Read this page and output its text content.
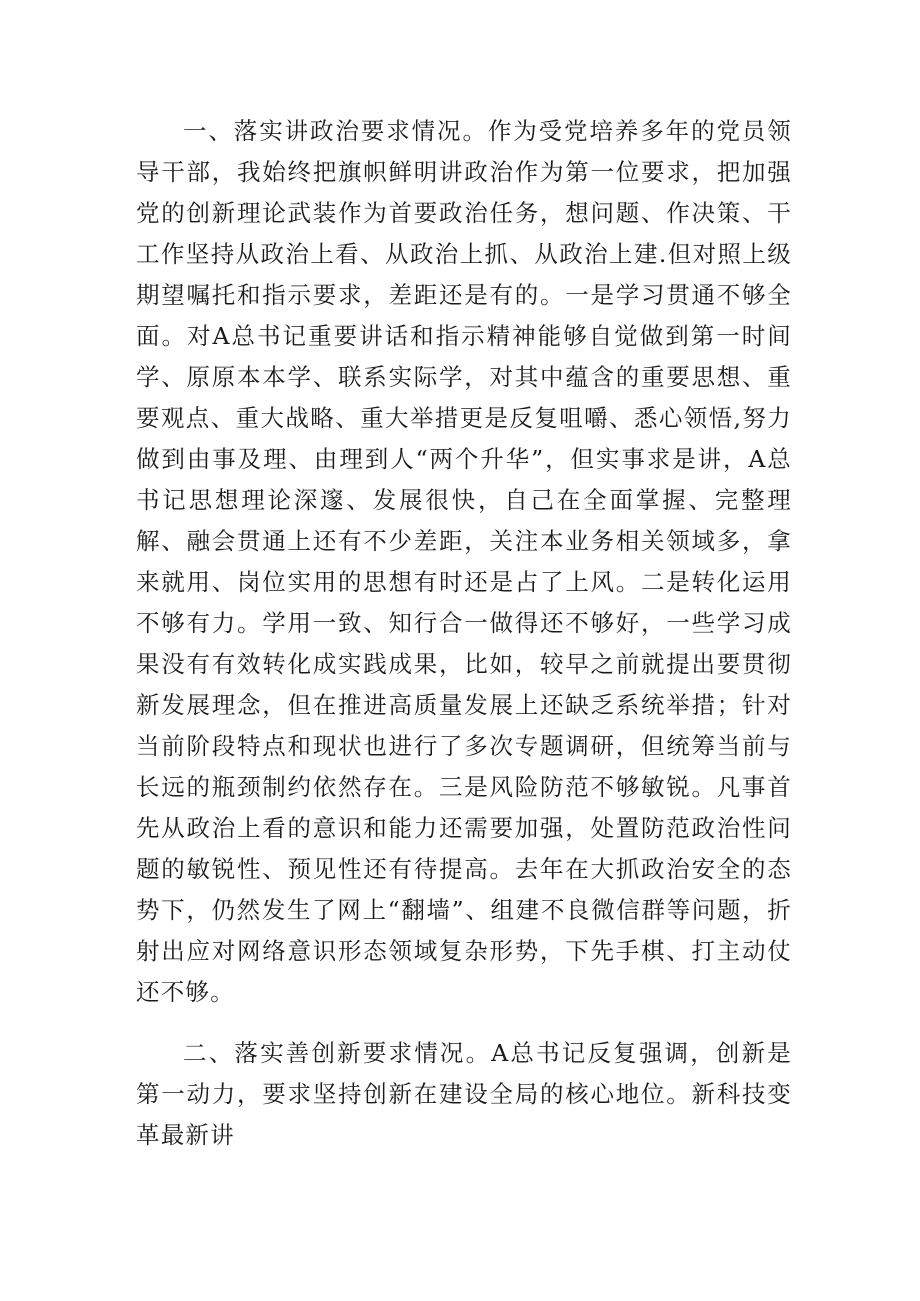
一、落实讲政治要求情况。作为受党培养多年的党员领导干部，我始终把旗帜鲜明讲政治作为第一位要求，把加强党的创新理论武装作为首要政治任务，想问题、作决策、干工作坚持从政治上看、从政治上抓、从政治上建.但对照上级期望嘱托和指示要求，差距还是有的。一是学习贯通不够全面。对A总书记重要讲话和指示精神能够自觉做到第一时间学、原原本本学、联系实际学，对其中蕴含的重要思想、重要观点、重大战略、重大举措更是反复咀嚼、悉心领悟,努力做到由事及理、由理到人“两个升华”，但实事求是讲，A总书记思想理论深邃、发展很快，自己在全面掌握、完整理解、融会贯通上还有不少差距，关注本业务相关领域多，拿来就用、岗位实用的思想有时还是占了上风。二是转化运用不够有力。学用一致、知行合一做得还不够好，一些学习成果没有有效转化成实践成果，比如，较早之前就提出要贯彻新发展理念，但在推进高质量发展上还缺乏系统举措；针对当前阶段特点和现状也进行了多次专题调研，但统筹当前与长远的瓶颈制约依然存在。三是风险防范不够敏锐。凡事首先从政治上看的意识和能力还需要加强，处置防范政治性问题的敏锐性、预见性还有待提高。去年在大抓政治安全的态势下，仍然发生了网上“翻墙”、组建不良微信群等问题，折射出应对网络意识形态领域复杂形势，下先手棋、打主动仗还不够。

二、落实善创新要求情况。A总书记反复强调，创新是第一动力，要求坚持创新在建设全局的核心地位。新科技变革最新讲
